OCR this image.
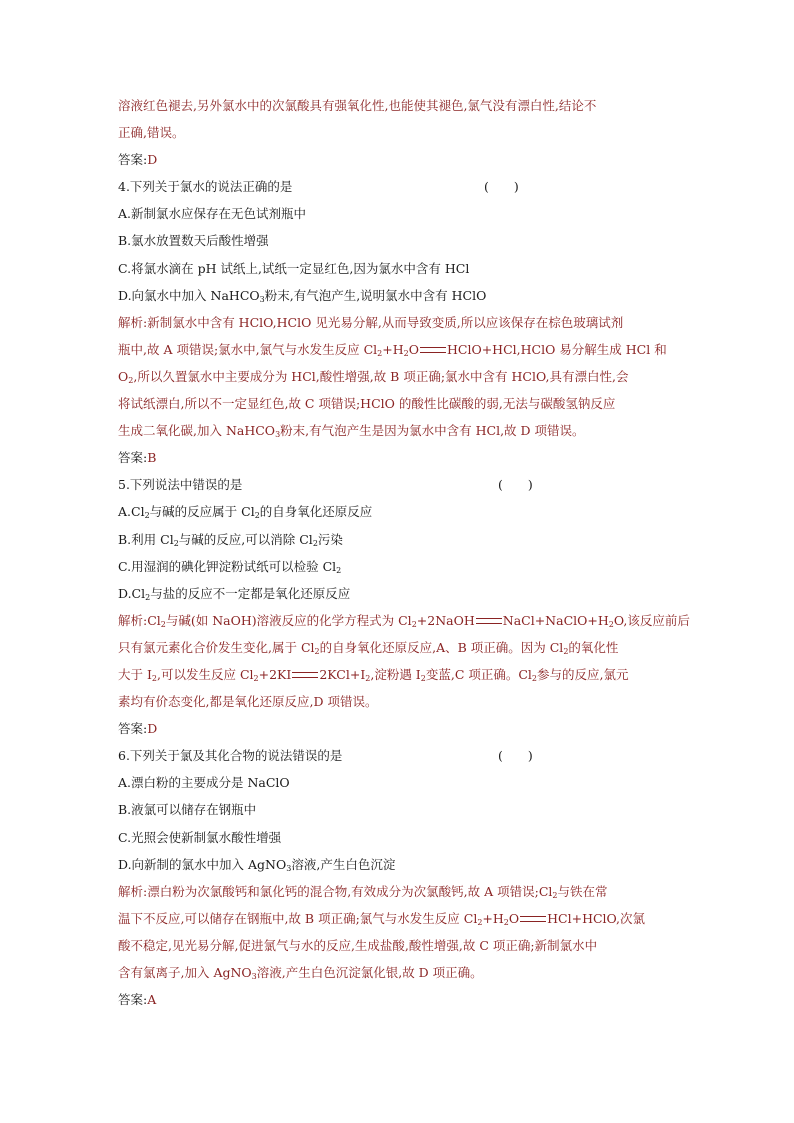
溶液红色褪去,另外氯水中的次氯酸具有强氧化性,也能使其褪色,氯气没有漂白性,结论不
正确,错误。
答案:D
4.下列关于氯水的说法正确的是	(　　)
A.新制氯水应保存在无色试剂瓶中
B.氯水放置数天后酸性增强
C.将氯水滴在 pH 试纸上,试纸一定显红色,因为氯水中含有 HCl
D.向氯水中加入 NaHCO$_3$粉末,有气泡产生,说明氯水中含有 HClO
解析:新制氯水中含有 HClO,HClO 见光易分解,从而导致变质,所以应该保存在棕色玻璃试剂
瓶中,故 A 项错误;氯水中,氯气与水发生反应 $Cl_2+H_2O$ HClO+HCl,HClO 易分解生成 HCl 和
$O_2$,所以久置氯水中主要成分为 HCl,酸性增强,故 B 项正确;氯水中含有 HClO,具有漂白性,会
将试纸漂白,所以不一定显红色,故 C 项错误;HClO 的酸性比碳酸的弱,无法与碳酸氢钠反应
生成二氧化碳,加入 NaHCO$_3$粉末,有气泡产生是因为氯水中含有 HCl,故 D 项错误。
答案:B
5.下列说法中错误的是	(　　)
$A.Cl_2$与碱的反应属于 $Cl_2$的自身氧化还原反应
B.利用 $Cl_2$与碱的反应,可以消除 $Cl_2$污染
C.用湿润的碘化钾淀粉试纸可以检验 $Cl_2$
$D.Cl_2$与盐的反应不一定都是氧化还原反应
解析$:Cl_2$与碱(如 NaOH)溶液反应的化学方程式为 $Cl_2+2NaOH$ $NaCl+NaClO+H_2O$,该反应前后
只有氯元素化合价发生变化,属于 $Cl_2$的自身氧化还原反应,A、B 项正确。因为 $Cl_2$的氧化性
大于 $I_2$,可以发生反应 $Cl_2+2KI$ $2KCl+I_2$,淀粉遇 $I_2$变蓝,C 项正确。$Cl_2$参与的反应,氯元
素均有价态变化,都是氧化还原反应,D 项错误。
答案:D
6.下列关于氯及其化合物的说法错误的是	(　　)
A.漂白粉的主要成分是 NaClO
B.液氯可以储存在钢瓶中
C.光照会使新制氯水酸性增强
D.向新制的氯水中加入 AgNO$_3$溶液,产生白色沉淀
解析:漂白粉为次氯酸钙和氯化钙的混合物,有效成分为次氯酸钙,故 A 项错误$;Cl_2$与铁在常
温下不反应,可以储存在钢瓶中,故 B 项正确;氯气与水发生反应 $Cl_2+H_2O$ HCl+HClO,次氯
酸不稳定,见光易分解,促进氯气与水的反应,生成盐酸,酸性增强,故 C 项正确;新制氯水中
含有氯离子,加入 AgNO$_3$溶液,产生白色沉淀氯化银,故 D 项正确。
答案:A
